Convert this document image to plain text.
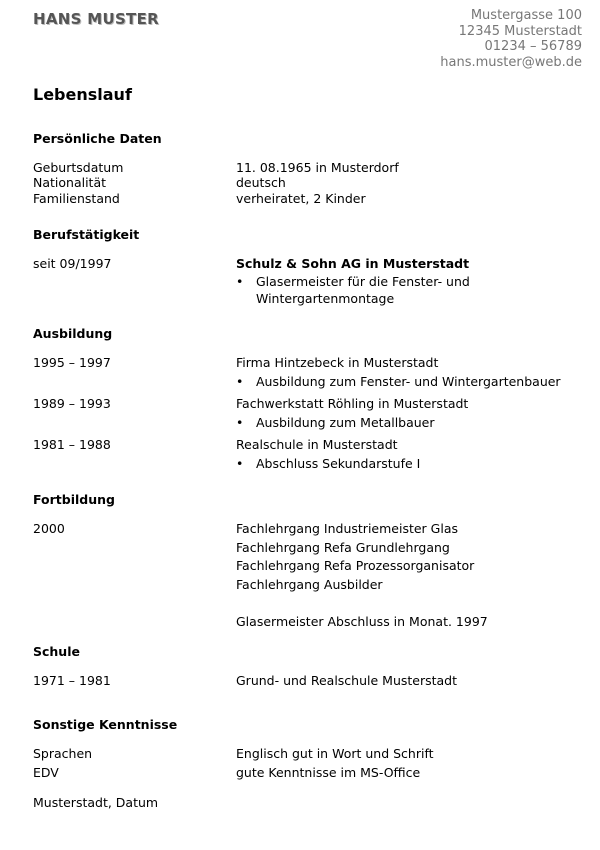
HANS MUSTER	Mustergasse 100
12345 Musterstadt
01234 – 56789
hans.muster@web.de
Lebenslauf
Persönliche Daten
Geburtsdatum	11. 08.1965 in Musterdorf
Nationalität	deutsch
Familienstand	verheiratet, 2 Kinder
Berufstätigkeit
seit 09/1997	Schulz & Sohn AG in Musterstadt
• Glasermeister für die Fenster- und
Wintergartenmontage
Ausbildung
1995 – 1997	Firma Hintzebeck in Musterstadt
• Ausbildung zum Fenster- und Wintergartenbauer
1989 – 1993	Fachwerkstatt Röhling in Musterstadt
• Ausbildung zum Metallbauer
1981 – 1988	Realschule in Musterstadt
• Abschluss Sekundarstufe I
Fortbildung
2000	Fachlehrgang Industriemeister Glas
Fachlehrgang Refa Grundlehrgang
Fachlehrgang Refa Prozessorganisator
Fachlehrgang Ausbilder
Glasermeister Abschluss in Monat. 1997
Schule
1971 – 1981	Grund- und Realschule Musterstadt
Sonstige Kenntnisse
Sprachen	Englisch gut in Wort und Schrift
EDV	gute Kenntnisse im MS-Office
Musterstadt, Datum
